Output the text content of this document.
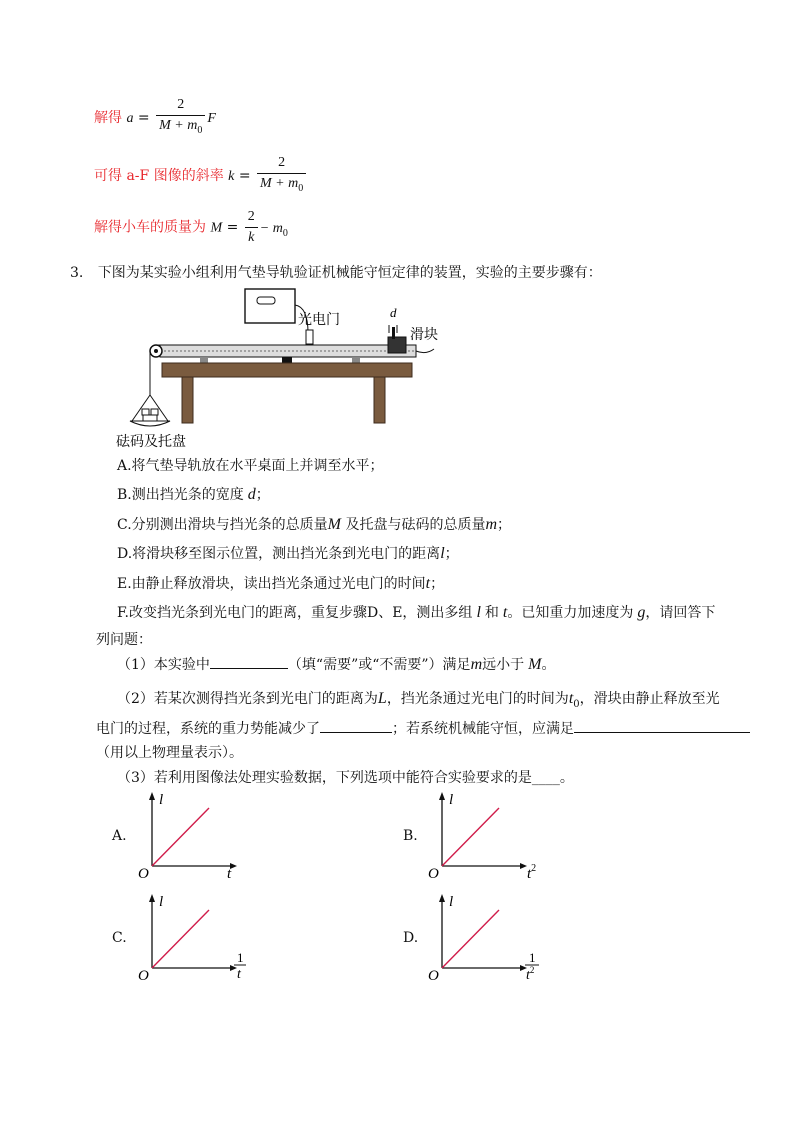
解得 $a = \frac{2}{M + m_0}$ F
可得 a-F 图像的斜率 $k = \frac{2}{M + m_0}$
解得小车的质量为 $M = \frac{2}{k} - m_0$
3. 下图为某实验小组利用气垫导轨验证机械能守恒定律的装置，实验的主要步骤有：
光电门
d
滑块
砝码及托盘
A.将气垫导轨放在水平桌面上并调至水平；
B.测出挡光条的宽度 d；
C.分别测出滑块与挡光条的总质量M 及托盘与砝码的总质量m；
D.将滑块移至图示位置，测出挡光条到光电门的距离l；
E.由静止释放滑块，读出挡光条通过光电门的时间t；
F.改变挡光条到光电门的距离，重复步骤D、E，测出多组 l 和 t。已知重力加速度为 g，请回答下
列问题：
（1）本实验中	（填“需要”或“不需要”）满足m远小于 M。
（2）若某次测得挡光条到光电门的距离为L，挡光条通过光电门的时间为$t_0$，滑块由静止释放至光
电门的过程，系统的重力势能减少了	；若系统机械能守恒，应满足
（用以上物理量表示）。
（3）若利用图像法处理实验数据，下列选项中能符合实验要求的是____。
A.
l
O	t
B.
l
O	$t^2$
C.
l
O
1
t
D.
l
O
1
$t^2$
